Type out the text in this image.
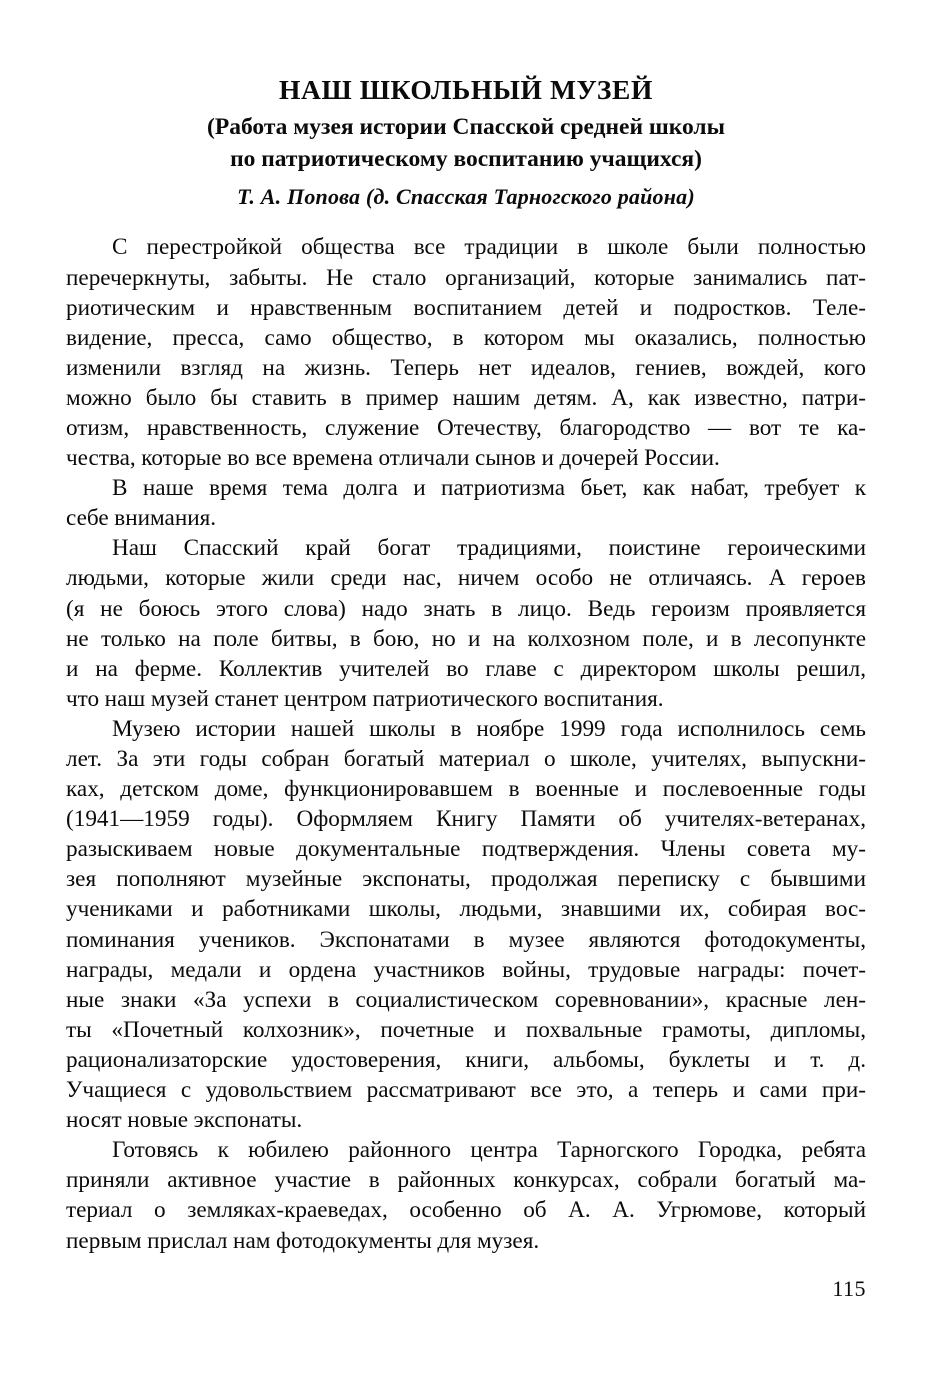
НАШ ШКОЛЬНЫЙ МУЗЕЙ
(Работа музея истории Спасской средней школы
по патриотическому воспитанию учащихся)
Т. А. Попова (д. Спасская Тарногского района)

С перестройкой общества все традиции в школе были полностью
перечеркнуты, забыты. Не стало организаций, которые занимались пат-
риотическим и нравственным воспитанием детей и подростков. Теле-
видение, пресса, само общество, в котором мы оказались, полностью
изменили взгляд на жизнь. Теперь нет идеалов, гениев, вождей, кого
можно было бы ставить в пример нашим детям. А, как известно, патри-
отизм, нравственность, служение Отечеству, благородство — вот те ка-
чества, которые во все времена отличали сынов и дочерей России.

В наше время тема долга и патриотизма бьет, как набат, требует к
себе внимания.

Наш Спасский край богат традициями, поистине героическими
людьми, которые жили среди нас, ничем особо не отличаясь. А героев
(я не боюсь этого слова) надо знать в лицо. Ведь героизм проявляется
не только на поле битвы, в бою, но и на колхозном поле, и в лесопункте
и на ферме. Коллектив учителей во главе с директором школы решил,
что наш музей станет центром патриотического воспитания.

Музею истории нашей школы в ноябре 1999 года исполнилось семь
лет. За эти годы собран богатый материал о школе, учителях, выпускни-
ках, детском доме, функционировавшем в военные и послевоенные годы
(1941—1959 годы). Оформляем Книгу Памяти об учителях-ветеранах,
разыскиваем новые документальные подтверждения. Члены совета му-
зея пополняют музейные экспонаты, продолжая переписку с бывшими
учениками и работниками школы, людьми, знавшими их, собирая вос-
поминания учеников. Экспонатами в музее являются фотодокументы,
награды, медали и ордена участников войны, трудовые награды: почет-
ные знаки «За успехи в социалистическом соревновании», красные лен-
ты «Почетный колхозник», почетные и похвальные грамоты, дипломы,
рационализаторские удостоверения, книги, альбомы, буклеты и т. д.
Учащиеся с удовольствием рассматривают все это, а теперь и сами при-
носят новые экспонаты.

Готовясь к юбилею районного центра Тарногского Городка, ребята
приняли активное участие в районных конкурсах, собрали богатый ма-
териал о земляках-краеведах, особенно об А. А. Угрюмове, который
первым прислал нам фотодокументы для музея.

115
